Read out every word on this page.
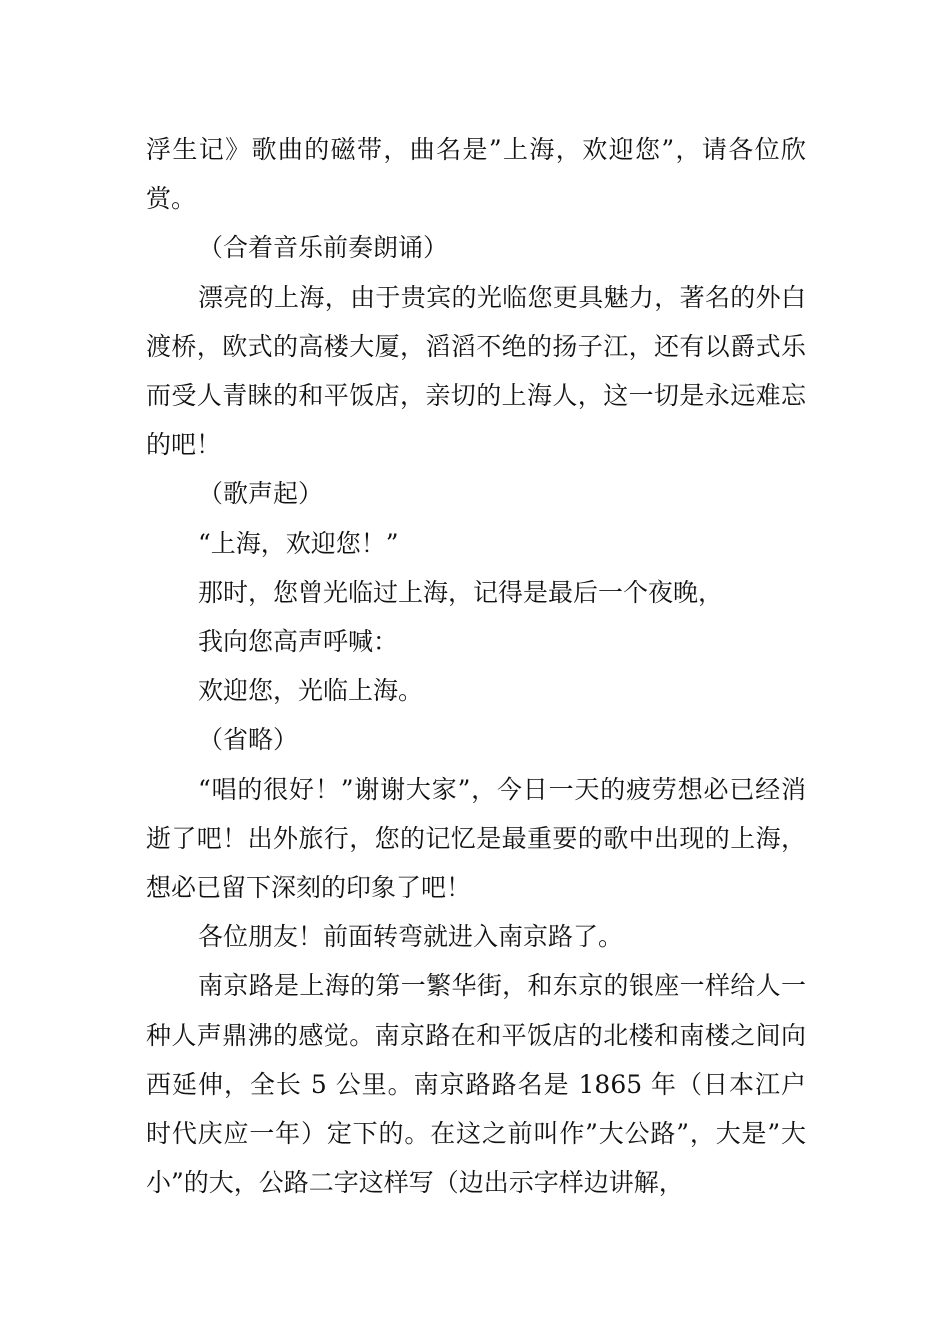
浮生记》歌曲的磁带，曲名是”上海，欢迎您”，请各位欣赏。

（合着音乐前奏朗诵）

漂亮的上海，由于贵宾的光临您更具魅力，著名的外白渡桥，欧式的高楼大厦，滔滔不绝的扬子江，还有以爵式乐而受人青睐的和平饭店，亲切的上海人，这一切是永远难忘的吧！

（歌声起）

“上海，欢迎您！”

那时，您曾光临过上海，记得是最后一个夜晚，

我向您高声呼喊：

欢迎您，光临上海。

（省略）

“唱的很好！”谢谢大家”，今日一天的疲劳想必已经消逝了吧！出外旅行，您的记忆是最重要的歌中出现的上海，想必已留下深刻的印象了吧！

各位朋友！前面转弯就进入南京路了。

南京路是上海的第一繁华街，和东京的银座一样给人一种人声鼎沸的感觉。南京路在和平饭店的北楼和南楼之间向西延伸，全长 5 公里。南京路路名是 1865 年（日本江户时代庆应一年）定下的。在这之前叫作”大公路”，大是”大小”的大，公路二字这样写（边出示字样边讲解，
